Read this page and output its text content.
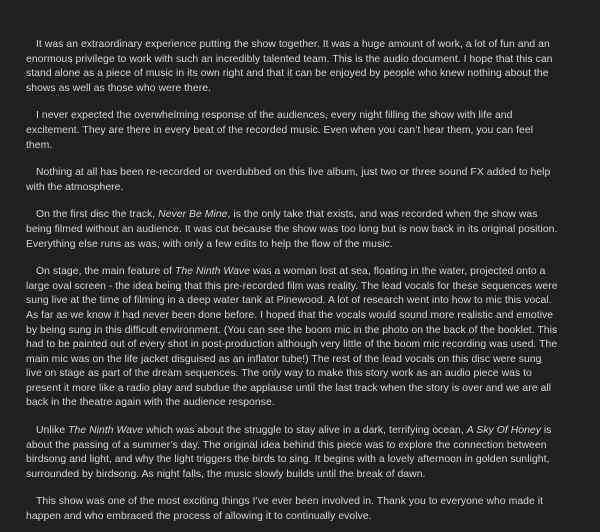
It was an extraordinary experience putting the show together. It was a huge amount of work, a lot of fun and an enormous privilege to work with such an incredibly talented team. This is the audio document. I hope that this can stand alone as a piece of music in its own right and that it can be enjoyed by people who knew nothing about the shows as well as those who were there.

I never expected the overwhelming response of the audiences, every night filling the show with life and excitement. They are there in every beat of the recorded music. Even when you can’t hear them, you can feel them.

Nothing at all has been re-recorded or overdubbed on this live album, just two or three sound FX added to help with the atmosphere.

On the first disc the track, Never Be Mine, is the only take that exists, and was recorded when the show was being filmed without an audience. It was cut because the show was too long but is now back in its original position. Everything else runs as was, with only a few edits to help the flow of the music.

On stage, the main feature of The Ninth Wave was a woman lost at sea, floating in the water, projected onto a large oval screen - the idea being that this pre-recorded film was reality. The lead vocals for these sequences were sung live at the time of filming in a deep water tank at Pinewood. A lot of research went into how to mic this vocal. As far as we know it had never been done before. I hoped that the vocals would sound more realistic and emotive by being sung in this difficult environment. (You can see the boom mic in the photo on the back of the booklet. This had to be painted out of every shot in post-production although very little of the boom mic recording was used. The main mic was on the life jacket disguised as an inflator tube!) The rest of the lead vocals on this disc were sung live on stage as part of the dream sequences. The only way to make this story work as an audio piece was to present it more like a radio play and subdue the applause until the last track when the story is over and we are all back in the theatre again with the audience response.

Unlike The Ninth Wave which was about the struggle to stay alive in a dark, terrifying ocean, A Sky Of Honey is about the passing of a summer’s day. The original idea behind this piece was to explore the connection between birdsong and light, and why the light triggers the birds to sing. It begins with a lovely afternoon in golden sunlight, surrounded by birdsong. As night falls, the music slowly builds until the break of dawn.

This show was one of the most exciting things I’ve ever been involved in. Thank you to everyone who made it happen and who embraced the process of allowing it to continually evolve.
